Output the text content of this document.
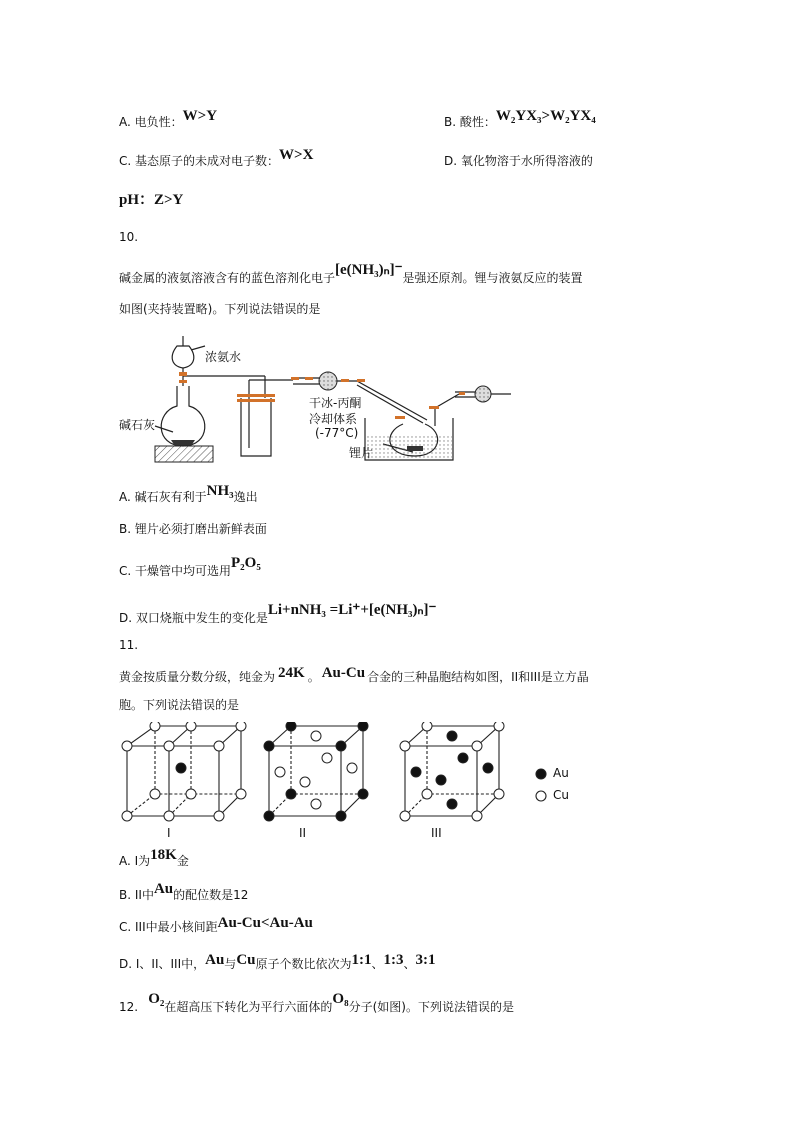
A. 电负性：W>Y	B. 酸性：W₂YX₃>W₂YX₄
C. 基态原子的未成对电子数：W>X	D. 氧化物溶于水所得溶液的
pH：Z>Y
10.
碱金属的液氨溶液含有的蓝色溶剂化电子[e(NH₃)ₙ]⁻是强还原剂。锂与液氨反应的装置
如图(夹持装置略)。下列说法错误的是
浓氨水
碱石灰
干冰-丙酮
冷却体系
(-77°C)
锂片
A. 碱石灰有利于NH₃逸出
B. 锂片必须打磨出新鲜表面
C. 干燥管中均可选用P₂O₅
D. 双口烧瓶中发生的变化是Li+nNH₃ =Li⁺+[e(NH₃)ₙ]⁻
11.
黄金按质量分数分级，纯金为 24K 。 Au-Cu 合金的三种晶胞结构如图，II和III是立方晶
胞。下列说法错误的是
I	II	III
Au
Cu
A. I为18K金
B. II中Au的配位数是12
C. III中最小核间距Au-Cu<Au-Au
D. I、II、III中，Au与Cu原子个数比依次为1:1、1:3、3:1
12. O₂在超高压下转化为平行六面体的O₈分子(如图)。下列说法错误的是
